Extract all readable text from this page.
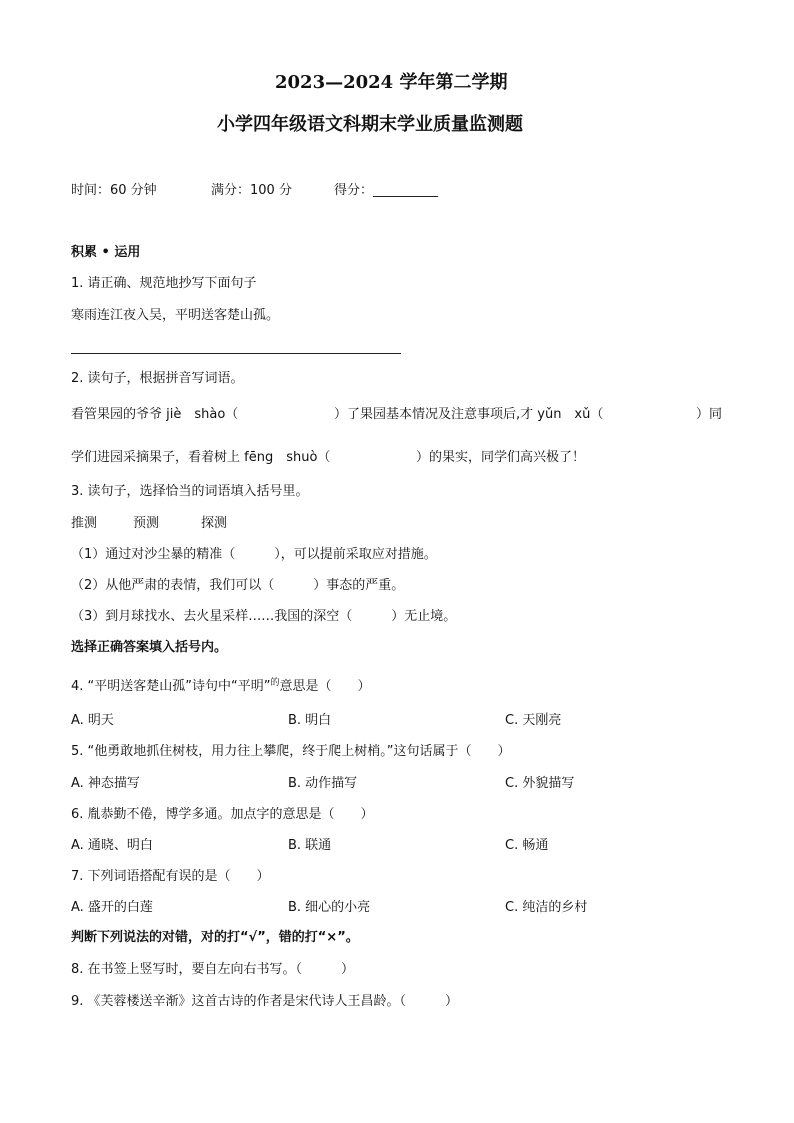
2023—2024 学年第二学期
小学四年级语文科期末学业质量监测题
时间：60 分钟	满分：100 分	得分：__________
积累 • 运用
1. 请正确、规范地抄写下面句子
寒雨连江夜入吴，平明送客楚山孤。
2. 读句子，根据拼音写词语。
看管果园的爷爷 jiè　shào（	）了果园基本情况及注意事项后,才 yǔn　xǔ（	）同
学们进园采摘果子，看着树上 fēng　shuò（	）的果实，同学们高兴极了！
3. 读句子，选择恰当的词语填入括号里。
推测	预测	探测
（1）通过对沙尘暴的精准（　　　），可以提前采取应对措施。
（2）从他严肃的表情，我们可以（　　　）事态的严重。
（3）到月球找水、去火星采样……我国的深空（　　　）无止境。
选择正确答案填入括号内。
4. “平明送客楚山孤”诗句中“平明”$^的$意思是（　　）
A. 明天	B. 明白	C. 天刚亮
5. “他勇敢地抓住树枝，用力往上攀爬，终于爬上树梢。”这句话属于（　　）
A. 神态描写	B. 动作描写	C. 外貌描写
6. 胤恭勤不倦，博学多通。加点字的意思是（　　）
A. 通晓、明白	B. 联通	C. 畅通
7. 下列词语搭配有误的是（　　）
A. 盛开的白莲	B. 细心的小亮	C. 纯洁的乡村
判断下列说法的对错，对的打“√”，错的打“×”。
8. 在书签上竖写时，要自左向右书写。（　　　）
9. 《芙蓉楼送辛渐》这首古诗的作者是宋代诗人王昌龄。（　　　）
